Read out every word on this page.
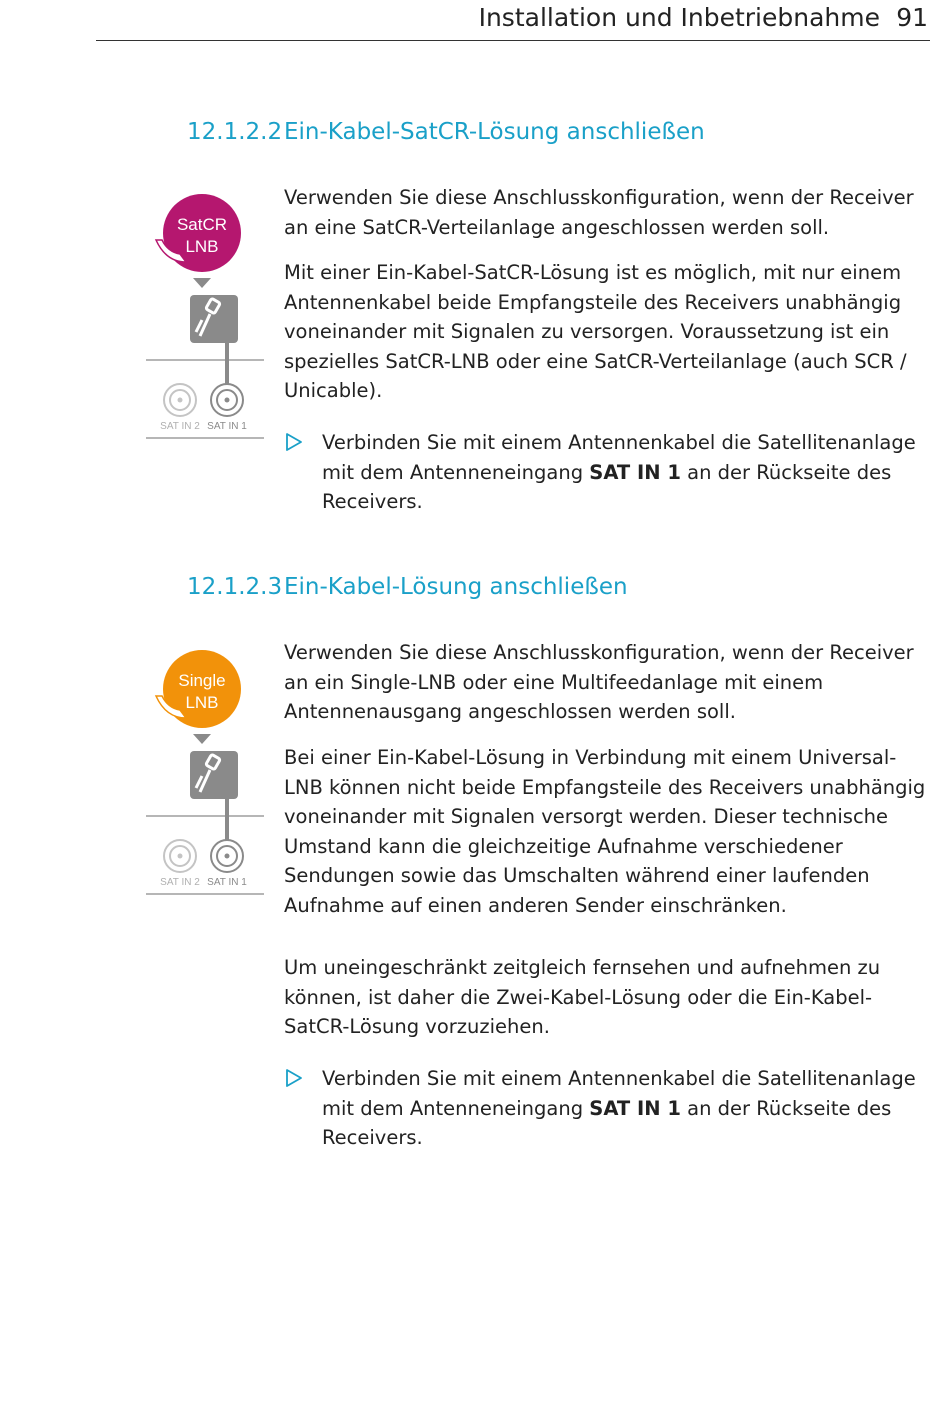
Installation und Inbetriebnahme 91
12.1.2.2Ein-Kabel-SatCR-Lösung anschließen
SatCR
LNB
SAT IN 2 SAT IN 1

Verwenden Sie diese Anschlusskonfiguration, wenn der Receiver an eine SatCR-Verteilanlage angeschlossen werden soll.

Mit einer Ein-Kabel-SatCR-Lösung ist es möglich, mit nur einem Antennenkabel beide Empfangsteile des Receivers unabhängig voneinander mit Signalen zu versorgen. Voraussetzung ist ein spezielles SatCR-LNB oder eine SatCR-Verteilanlage (auch SCR / Unicable).

Verbinden Sie mit einem Antennenkabel die Satellitenanlage mit dem Antenneneingang SAT IN 1 an der Rückseite des Receivers.
12.1.2.3Ein-Kabel-Lösung anschließen
Single
LNB
SAT IN 2 SAT IN 1

Verwenden Sie diese Anschlusskonfiguration, wenn der Receiver an ein Single-LNB oder eine Multifeedanlage mit einem Antennenausgang angeschlossen werden soll.

Bei einer Ein-Kabel-Lösung in Verbindung mit einem Universal-LNB können nicht beide Empfangsteile des Receivers unabhängig voneinander mit Signalen versorgt werden. Dieser technische Umstand kann die gleichzeitige Aufnahme verschiedener Sendungen sowie das Umschalten während einer laufenden Aufnahme auf einen anderen Sender einschränken.

Um uneingeschränkt zeitgleich fernsehen und aufnehmen zu können, ist daher die Zwei-Kabel-Lösung oder die Ein-Kabel-SatCR-Lösung vorzuziehen.

Verbinden Sie mit einem Antennenkabel die Satellitenanlage mit dem Antenneneingang SAT IN 1 an der Rückseite des Receivers.
